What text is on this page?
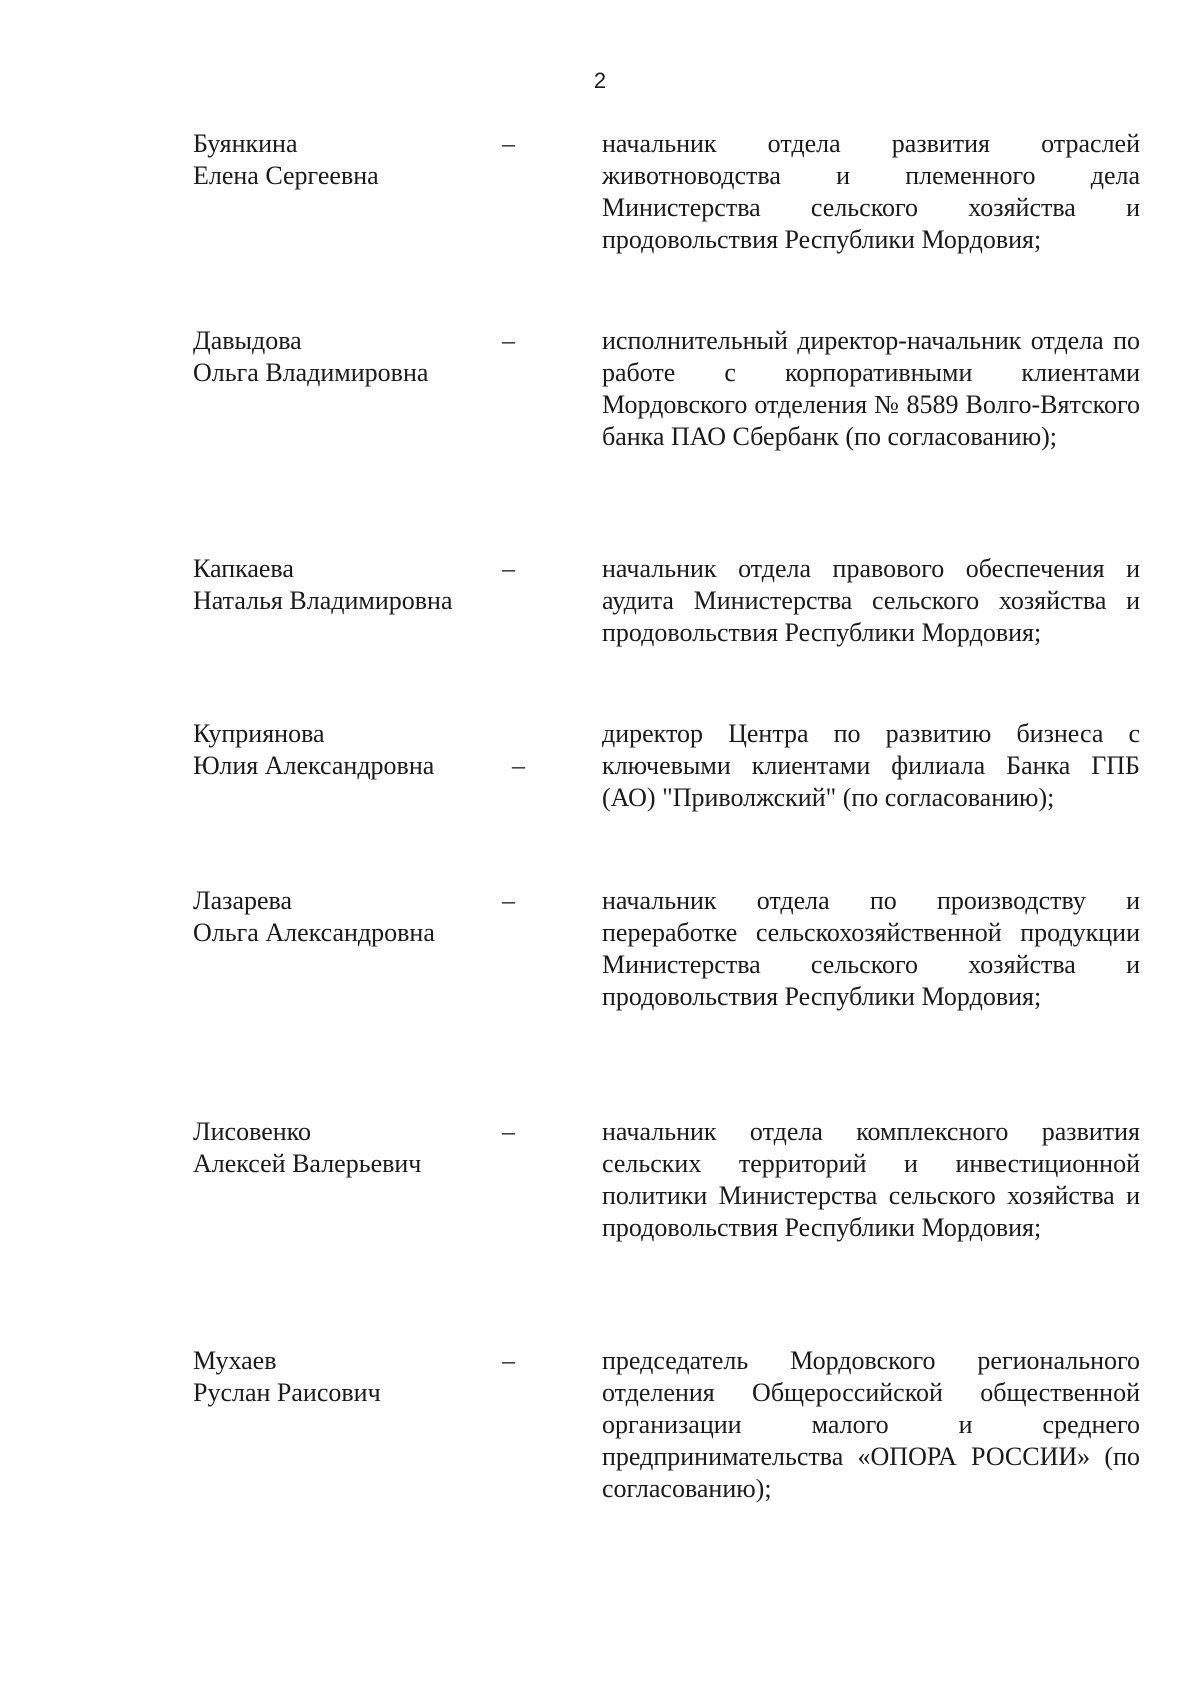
2
Буянкина
Елена Сергеевна
–	начальник отдела развития отраслей животноводства и племенного дела Министерства сельского хозяйства и продовольствия Республики Мордовия;
Давыдова
Ольга Владимировна
–	исполнительный директор-начальник отдела по работе с корпоративными клиентами Мордовского отделения № 8589 Волго-Вятского банка ПАО Сбербанк (по согласованию);
Капкаева
Наталья Владимировна
–	начальник отдела правового обеспечения и аудита Министерства сельского хозяйства и продовольствия Республики Мордовия;
Куприянова
Юлия Александровна	–
директор Центра по развитию бизнеса с ключевыми клиентами филиала Банка ГПБ (АО) "Приволжский" (по согласованию);
Лазарева
Ольга Александровна
–	начальник отдела по производству и переработке сельскохозяйственной продукции Министерства сельского хозяйства и продовольствия Республики Мордовия;
Лисовенко
Алексей Валерьевич
–	начальник отдела комплексного развития сельских территорий и инвестиционной политики Министерства сельского хозяйства и продовольствия Республики Мордовия;
Мухаев
Руслан Раисович
–	председатель Мордовского регионального отделения Общероссийской общественной организации малого и среднего предпринимательства «ОПОРА РОССИИ» (по согласованию);
